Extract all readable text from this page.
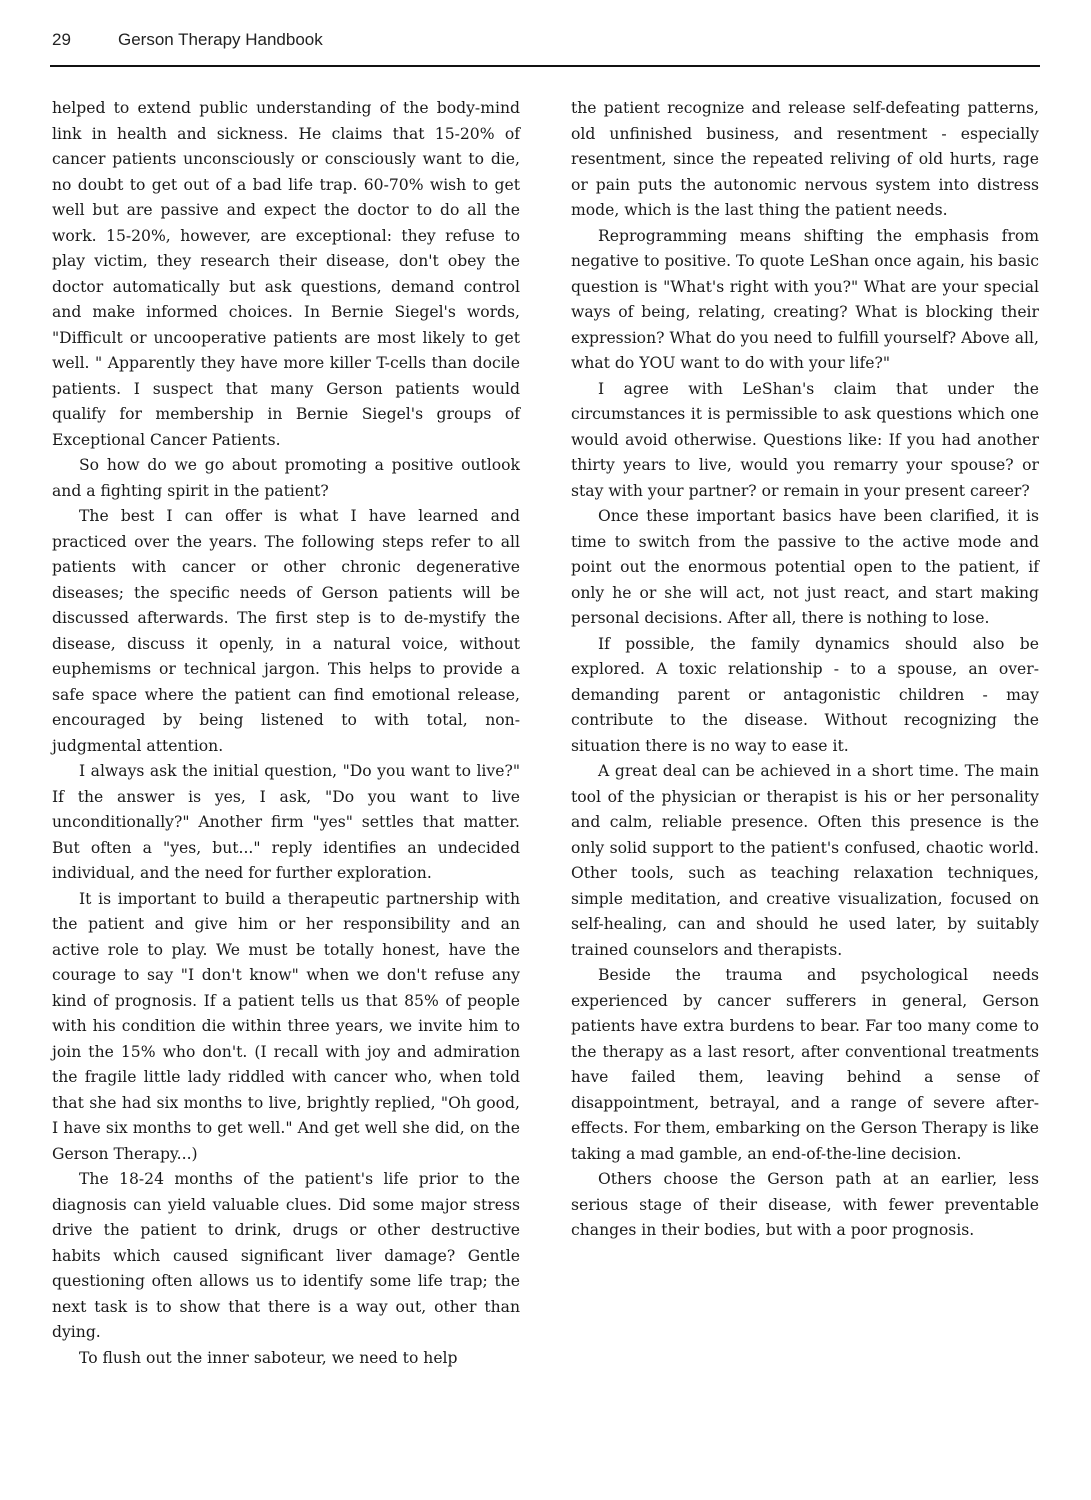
29	Gerson Therapy Handbook

helped to extend public understanding of the body-mind link in health and sickness. He claims that 15-20% of cancer patients unconsciously or consciously want to die, no doubt to get out of a bad life trap. 60-70% wish to get well but are passive and expect the doctor to do all the work. 15-20%, however, are exceptional: they refuse to play victim, they research their disease, don't obey the doctor automatically but ask questions, demand control and make informed choices. In Bernie Siegel's words, "Difficult or uncooperative patients are most likely to get well. " Apparently they have more killer T-cells than docile patients. I suspect that many Gerson patients would qualify for membership in Bernie Siegel's groups of Exceptional Cancer Patients.

So how do we go about promoting a positive outlook and a fighting spirit in the patient?

The best I can offer is what I have learned and practiced over the years. The following steps refer to all patients with cancer or other chronic degenerative diseases; the specific needs of Gerson patients will be discussed afterwards. The first step is to de-mystify the disease, discuss it openly, in a natural voice, without euphemisms or technical jargon. This helps to provide a safe space where the patient can find emotional release, encouraged by being listened to with total, non-judgmental attention.

I always ask the initial question, "Do you want to live?" If the answer is yes, I ask, "Do you want to live unconditionally?" Another firm "yes" settles that matter. But often a "yes, but..." reply identifies an undecided individual, and the need for further exploration.

It is important to build a therapeutic partnership with the patient and give him or her responsibility and an active role to play. We must be totally honest, have the courage to say "I don't know" when we don't refuse any kind of prognosis. If a patient tells us that 85% of people with his condition die within three years, we invite him to join the 15% who don't. (I recall with joy and admiration the fragile little lady riddled with cancer who, when told that she had six months to live, brightly replied, "Oh good, I have six months to get well." And get well she did, on the Gerson Therapy...)

The 18-24 months of the patient's life prior to the diagnosis can yield valuable clues. Did some major stress drive the patient to drink, drugs or other destructive habits which caused significant liver damage? Gentle questioning often allows us to identify some life trap; the next task is to show that there is a way out, other than dying.

To flush out the inner saboteur, we need to help

the patient recognize and release self-defeating patterns, old unfinished business, and resentment - especially resentment, since the repeated reliving of old hurts, rage or pain puts the autonomic nervous system into distress mode, which is the last thing the patient needs.

Reprogramming means shifting the emphasis from negative to positive. To quote LeShan once again, his basic question is "What's right with you?" What are your special ways of being, relating, creating? What is blocking their expression? What do you need to fulfill yourself? Above all, what do YOU want to do with your life?"

I agree with LeShan's claim that under the circumstances it is permissible to ask questions which one would avoid otherwise. Questions like: If you had another thirty years to live, would you remarry your spouse? or stay with your partner? or remain in your present career?

Once these important basics have been clarified, it is time to switch from the passive to the active mode and point out the enormous potential open to the patient, if only he or she will act, not just react, and start making personal decisions. After all, there is nothing to lose.

If possible, the family dynamics should also be explored. A toxic relationship - to a spouse, an over-demanding parent or antagonistic children - may contribute to the disease. Without recognizing the situation there is no way to ease it.

A great deal can be achieved in a short time. The main tool of the physician or therapist is his or her personality and calm, reliable presence. Often this presence is the only solid support to the patient's confused, chaotic world. Other tools, such as teaching relaxation techniques, simple meditation, and creative visualization, focused on self-healing, can and should he used later, by suitably trained counselors and therapists.

Beside the trauma and psychological needs experienced by cancer sufferers in general, Gerson patients have extra burdens to bear. Far too many come to the therapy as a last resort, after conventional treatments have failed them, leaving behind a sense of disappointment, betrayal, and a range of severe after-effects. For them, embarking on the Gerson Therapy is like taking a mad gamble, an end-of-the-line decision.

Others choose the Gerson path at an earlier, less serious stage of their disease, with fewer preventable changes in their bodies, but with a poor prognosis.
